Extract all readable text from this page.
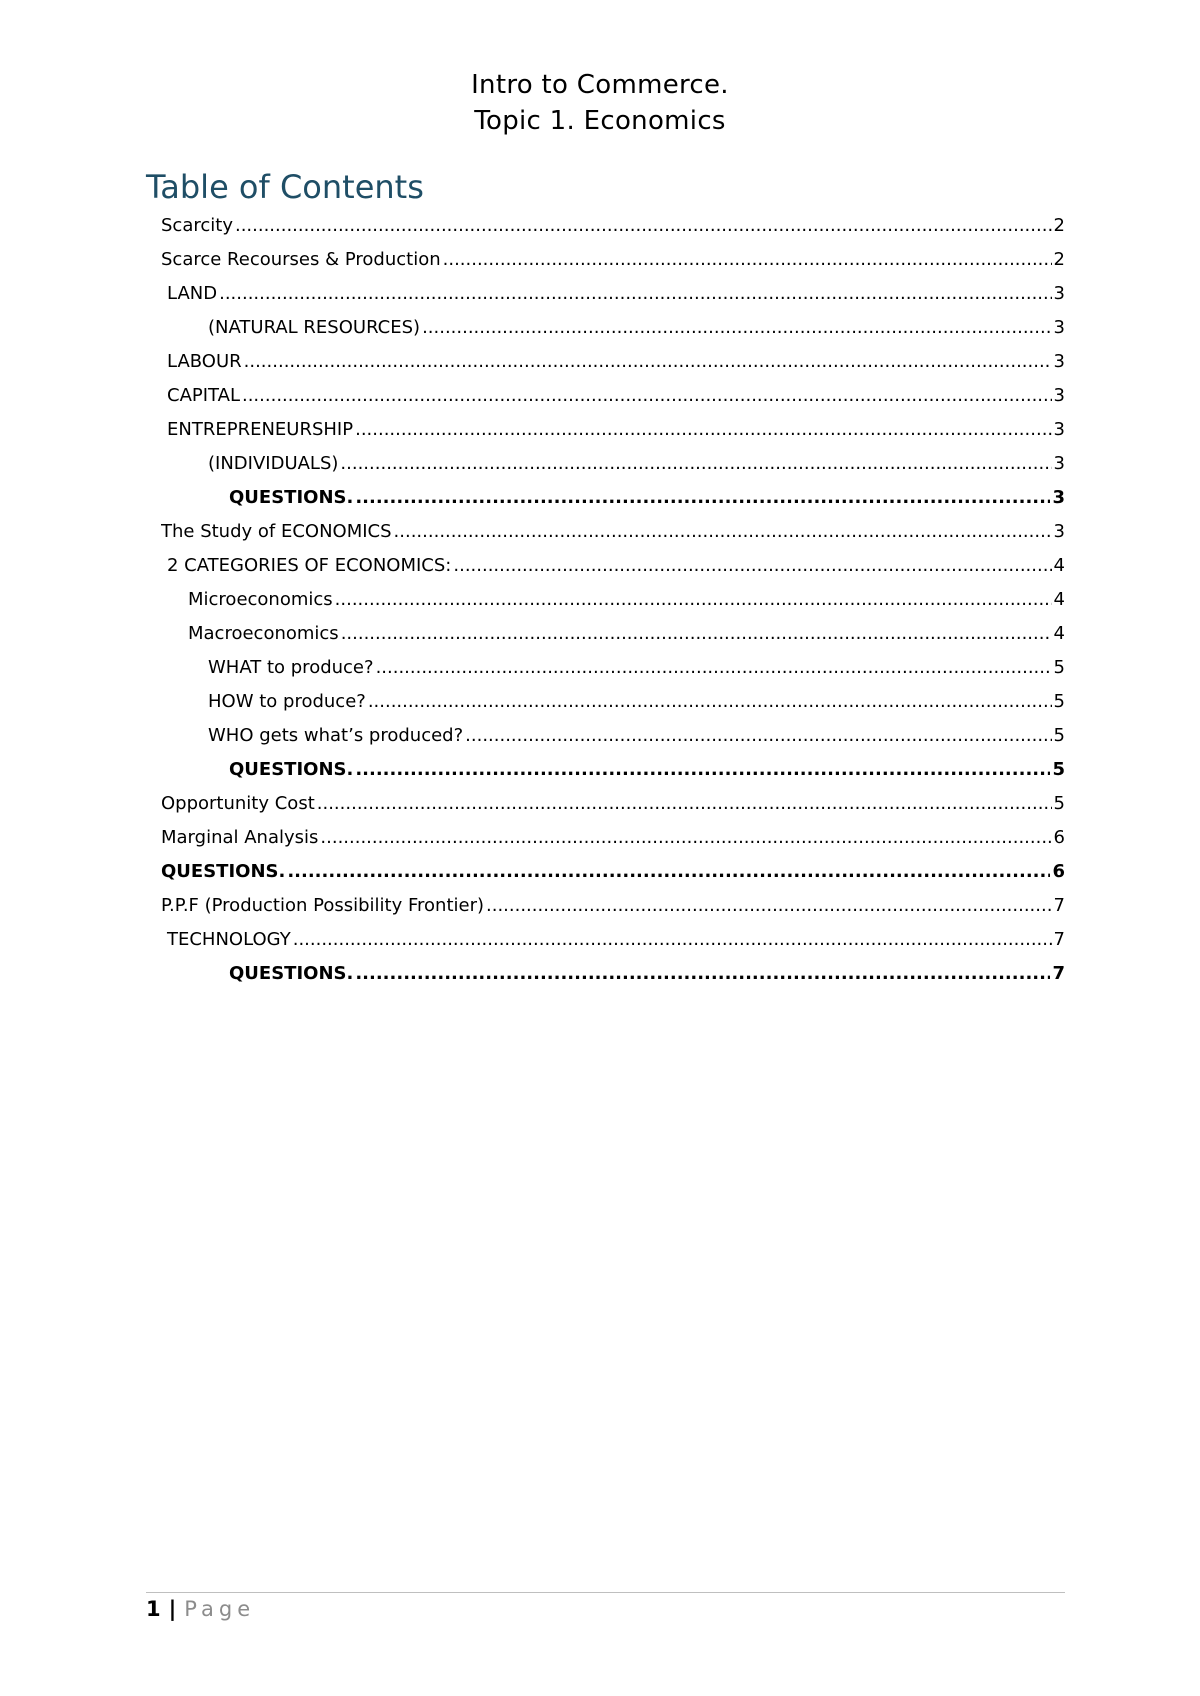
Intro to Commerce.
Topic 1. Economics
Table of Contents
Scarcity .....	2
Scarce Recourses & Production .....	2
LAND .....	3
(NATURAL RESOURCES) .....	3
LABOUR .....	3
CAPITAL .....	3
ENTREPRENEURSHIP .....	3
(INDIVIDUALS) .....	3
QUESTIONS. .....	3
The Study of ECONOMICS .....	3
2 CATEGORIES OF ECONOMICS: .....	4
Microeconomics .....	4
Macroeconomics .....	4
WHAT to produce? .....	5
HOW to produce? .....	5
WHO gets what’s produced? .....	5
QUESTIONS. .....	5
Opportunity Cost .....	5
Marginal Analysis .....	6
QUESTIONS. .....	6
P.P.F (Production Possibility Frontier) .....	7
TECHNOLOGY .....	7
QUESTIONS. .....	7
1 | Page
